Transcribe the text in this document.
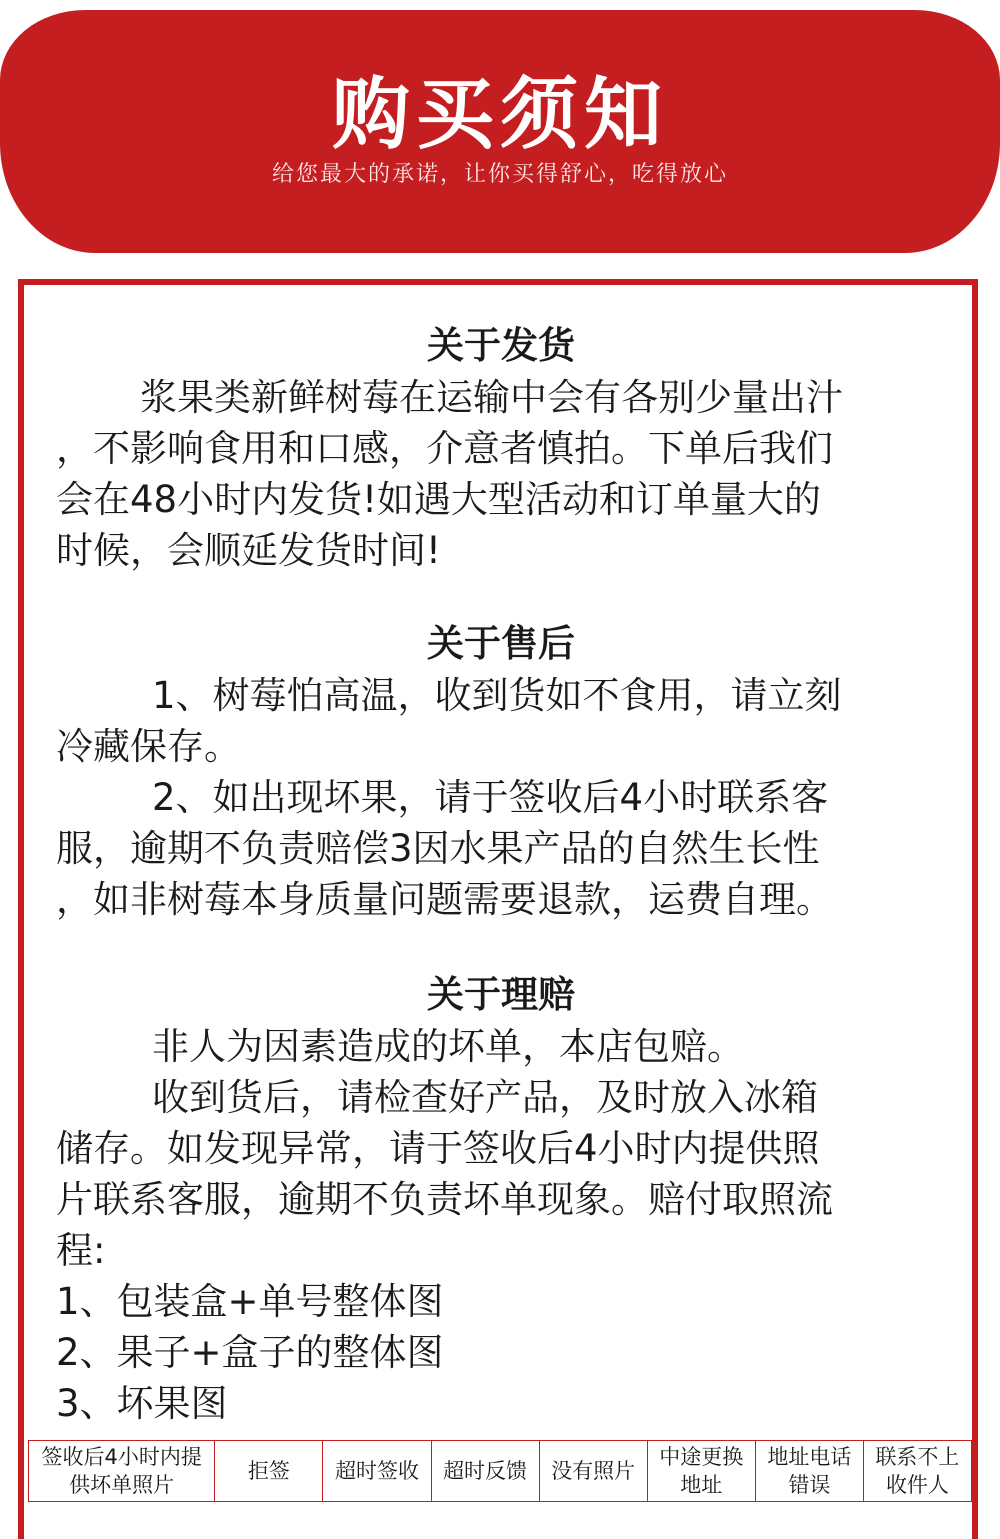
购买须知
给您最大的承诺，让你买得舒心，吃得放心
关于发货

浆果类新鲜树莓在运输中会有各别少量出汁

，不影响食用和口感，介意者慎拍。下单后我们

会在48小时内发货!如遇大型活动和订单量大的

时候，会顺延发货时间!

关于售后

1、树莓怕高温，收到货如不食用，请立刻

冷藏保存。

2、如出现坏果，请于签收后4小时联系客

服，逾期不负责赔偿3因水果产品的自然生长性

，如非树莓本身质量问题需要退款，运费自理。

关于理赔

非人为因素造成的坏单，本店包赔。

收到货后，请检查好产品，及时放入冰箱

储存。如发现异常，请于签收后4小时内提供照

片联系客服，逾期不负责坏单现象。赔付取照流

程:

1、包装盒+单号整体图

2、果子+盒子的整体图

3、坏果图

签收后4小时内提供坏单照片	拒签	超时签收	超时反馈	没有照片	中途更换地址	地址电话错误	联系不上收件人
